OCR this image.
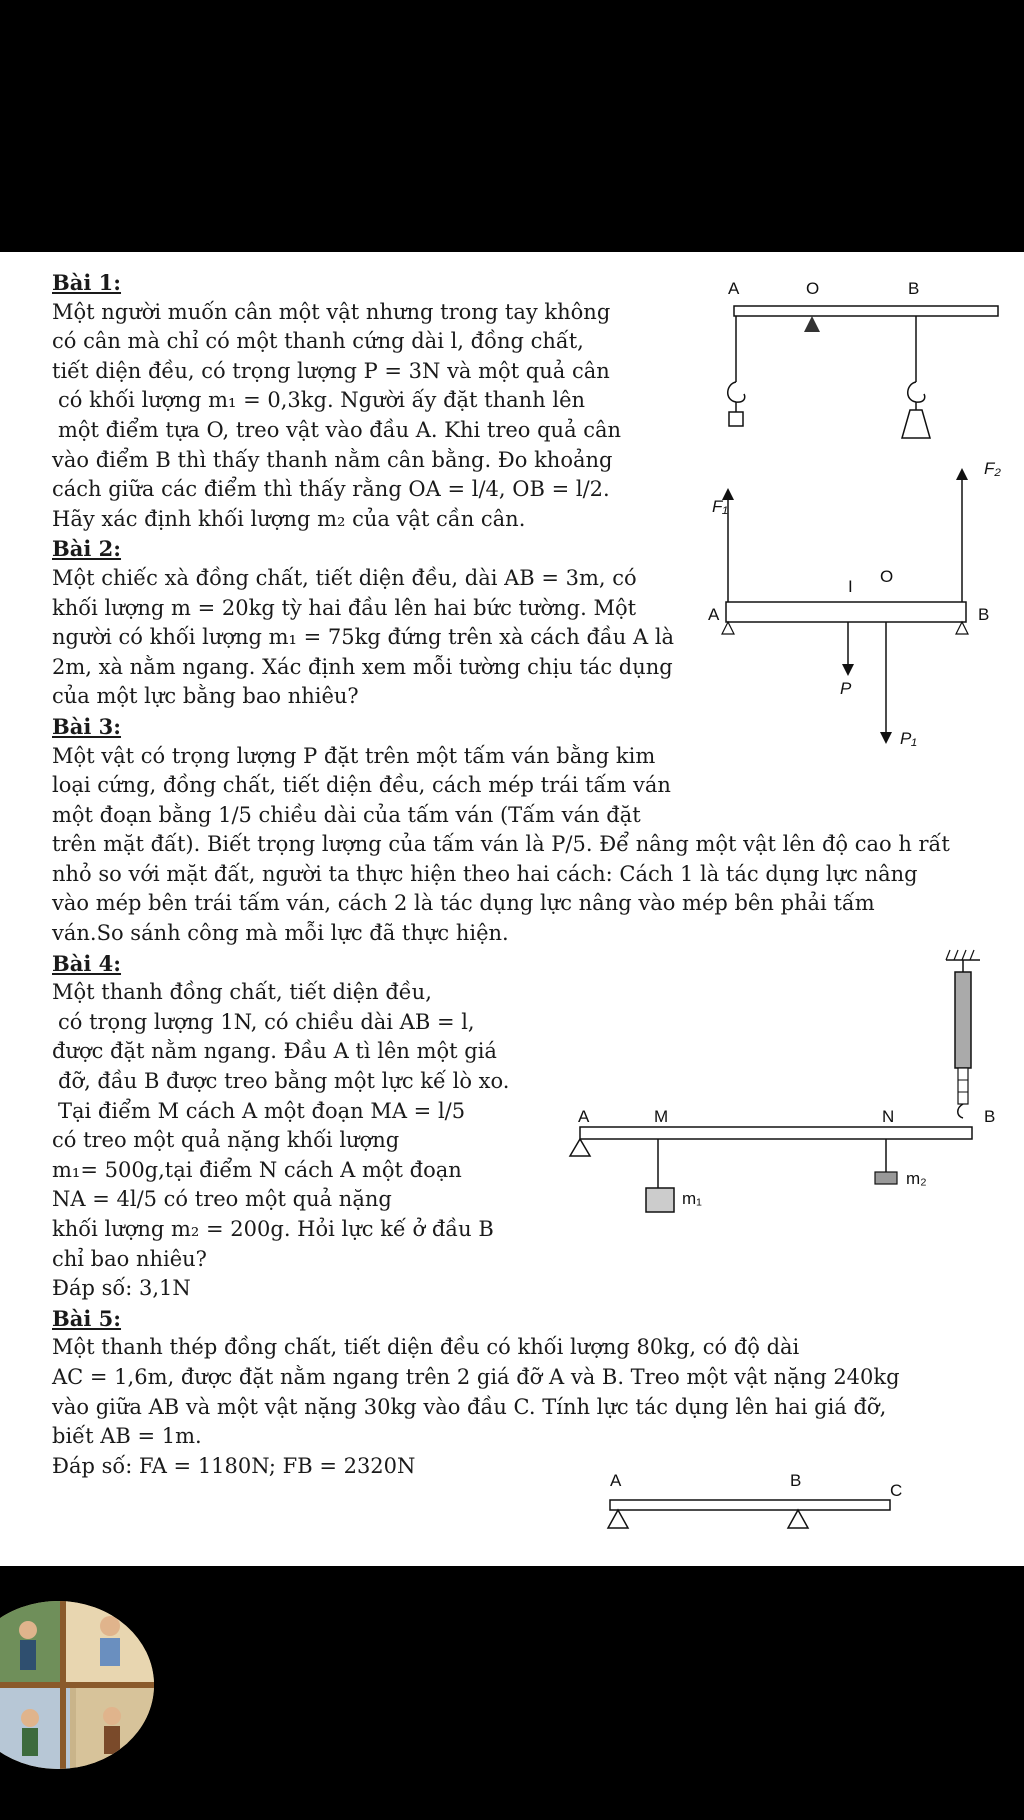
Bài 1:
Một người muốn cân một vật nhưng trong tay không
có cân mà chỉ có một thanh cứng dài l, đồng chất,
tiết diện đều, có trọng lượng P = 3N và một quả cân
có khối lượng m₁ = 0,3kg. Người ấy đặt thanh lên
một điểm tựa O, treo vật vào đầu A. Khi treo quả cân
vào điểm B thì thấy thanh nằm cân bằng. Đo khoảng
cách giữa các điểm thì thấy rằng OA = l/4, OB = l/2.
Hãy xác định khối lượng m₂ của vật cần cân.
Bài 2:
Một chiếc xà đồng chất, tiết diện đều, dài AB = 3m, có
khối lượng m = 20kg tỳ hai đầu lên hai bức tường. Một
người có khối lượng m₁ = 75kg đứng trên xà cách đầu A là
2m, xà nằm ngang. Xác định xem mỗi tường chịu tác dụng
của một lực bằng bao nhiêu?
Bài 3:
Một vật có trọng lượng P đặt trên một tấm ván bằng kim
loại cứng, đồng chất, tiết diện đều, cách mép trái tấm ván
một đoạn bằng 1/5 chiều dài của tấm ván (Tấm ván đặt
trên mặt đất). Biết trọng lượng của tấm ván là P/5. Để nâng một vật lên độ cao h rất
nhỏ so với mặt đất, người ta thực hiện theo hai cách: Cách 1 là tác dụng lực nâng
vào mép bên trái tấm ván, cách 2 là tác dụng lực nâng vào mép bên phải tấm
ván.So sánh công mà mỗi lực đã thực hiện.
Bài 4:
Một thanh đồng chất, tiết diện đều,
có trọng lượng 1N, có chiều dài AB = l,
được đặt nằm ngang. Đầu A tì lên một giá
đỡ, đầu B được treo bằng một lực kế lò xo.
Tại điểm M cách A một đoạn MA = l/5
có treo một quả nặng khối lượng
m₁= 500g,tại điểm N cách A một đoạn
NA = 4l/5 có treo một quả nặng
khối lượng m₂ = 200g. Hỏi lực kế ở đầu B
chỉ bao nhiêu?
Đáp số: 3,1N
Bài 5:
Một thanh thép đồng chất, tiết diện đều có khối lượng 80kg, có độ dài
AC = 1,6m, được đặt nằm ngang trên 2 giá đỡ A và B. Treo một vật nặng 240kg
vào giữa AB và một vật nặng 30kg vào đầu C. Tính lực tác dụng lên hai giá đỡ,
biết AB = 1m.
Đáp số: FA = 1180N; FB = 2320N
A	O	B
F₁
F₂
I
O
A	B
P
P₁
A	M	N	B
m₁
m₂
A	B
C
